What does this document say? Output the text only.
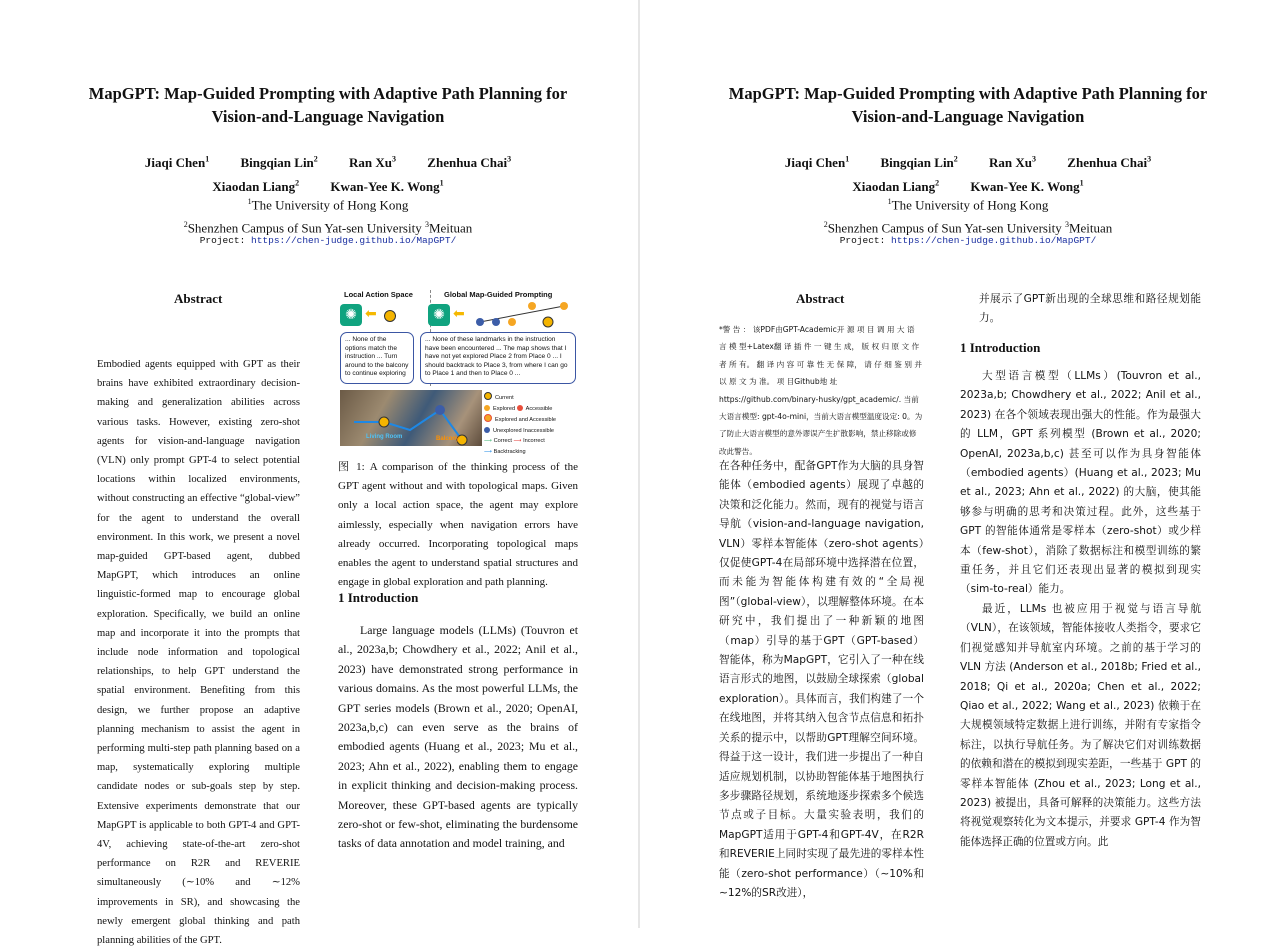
MapGPT: Map-Guided Prompting with Adaptive Path Planning for
Vision-and-Language Navigation
Jiaqi Chen$^1$ Bingqian Lin$^2$ Ran Xu$^3$ Zhenhua Chai$^3$
Xiaodan Liang$^2$ Kwan-Yee K. Wong$^1$
$^1$The University of Hong Kong
$^2$Shenzhen Campus of Sun Yat-sen University $^3$Meituan
Project: https://chen-judge.github.io/MapGPT/
Abstract
Embodied agents equipped with GPT as their brains have exhibited extraordinary decision-making and generalization abilities across various tasks. However, existing zero-shot agents for vision-and-language navigation (VLN) only prompt GPT-4 to select potential locations within localized environments, without constructing an effective “global-view” for the agent to understand the overall environment. In this work, we present a novel map-guided GPT-based agent, dubbed MapGPT, which introduces an online linguistic-formed map to encourage global exploration. Specifically, we build an online map and incorporate it into the prompts that include node information and topological relationships, to help GPT understand the spatial environment. Benefiting from this design, we further propose an adaptive planning mechanism to assist the agent in performing multi-step path planning based on a map, systematically exploring multiple candidate nodes or sub-goals step by step. Extensive experiments demonstrate that our MapGPT is applicable to both GPT-4 and GPT-4V, achieving state-of-the-art zero-shot performance on R2R and REVERIE simultaneously (∼10% and ∼12% improvements in SR), and showcasing the newly emergent global thinking and path planning abilities of the GPT.
Local Action Space	Global Map-Guided Prompting
✺ ⬅	✺ ⬅
... None of the options match the instruction ... Turn around to the balcony to continue exploring
... None of these landmarks in the instruction have been encountered ... The map shows that I have not yet explored Place 2 from Place 0 ... I should backtrack to Place 3, from where I can go to Place 1 and then to Place 0 ...
Living Room	Balcony
Current
Explored Accessible
Explored and Accessible
Unexplored Inaccessible
⟶ Correct ⟶ Incorrect
⟶ Backtracking
图 1: A comparison of the thinking process of the GPT agent without and with topological maps. Given only a local action space, the agent may explore aimlessly, especially when navigation errors have already occurred. Incorporating topological maps enables the agent to understand spatial structures and engage in global exploration and path planning.
1 Introduction
Large language models (LLMs) (Touvron et al., 2023a,b; Chowdhery et al., 2022; Anil et al., 2023) have demonstrated strong performance in various domains. As the most powerful LLMs, the GPT series models (Brown et al., 2020; OpenAI, 2023a,b,c) can even serve as the brains of embodied agents (Huang et al., 2023; Mu et al., 2023; Ahn et al., 2022), enabling them to engage in explicit thinking and decision-making process. Moreover, these GPT-based agents are typically zero-shot or few-shot, eliminating the burdensome tasks of data annotation and model training, and
MapGPT: Map-Guided Prompting with Adaptive Path Planning for
Vision-and-Language Navigation
Jiaqi Chen$^1$ Bingqian Lin$^2$ Ran Xu$^3$ Zhenhua Chai$^3$
Xiaodan Liang$^2$ Kwan-Yee K. Wong$^1$
$^1$The University of Hong Kong
$^2$Shenzhen Campus of Sun Yat-sen University $^3$Meituan
Project: https://chen-judge.github.io/MapGPT/
Abstract
*警 告 ： 该PDF由GPT-Academic开 源 项 目 调 用 大 语 言 模 型+Latex翻 译 插 件 一 键 生 成， 版 权 归 原 文 作 者 所 有。 翻 译 内 容 可 靠 性 无 保 障， 请 仔 细 鉴 别 并 以 原 文 为 准。 项 目Github地 址 https://github.com/binary-husky/gpt_academic/. 当前大语言模型: gpt-4o-mini，当前大语言模型温度设定: 0。为了防止大语言模型的意外谬误产生扩散影响，禁止移除或修改此警告。
在各种任务中，配备GPT作为大脑的具身智能体（embodied agents）展现了卓越的决策和泛化能力。然而，现有的视觉与语言导航（vision-and-language navigation, VLN）零样本智能体（zero-shot agents）仅促使GPT-4在局部环境中选择潜在位置，而未能为智能体构建有效的“全局视图”（global-view），以理解整体环境。在本研究中，我们提出了一种新颖的地图（map）引导的基于GPT（GPT-based）智能体，称为MapGPT，它引入了一种在线语言形式的地图，以鼓励全球探索（global exploration）。具体而言，我们构建了一个在线地图，并将其纳入包含节点信息和拓扑关系的提示中，以帮助GPT理解空间环境。得益于这一设计，我们进一步提出了一种自适应规划机制，以协助智能体基于地图执行多步骤路径规划，系统地逐步探索多个候选节点或子目标。大量实验表明，我们的MapGPT适用于GPT-4和GPT-4V，在R2R和REVERIE上同时实现了最先进的零样本性能（zero-shot performance）（∼10%和∼12%的SR改进），
并展示了GPT新出现的全球思维和路径规划能力。
1 Introduction
大型语言模型（LLMs）(Touvron et al., 2023a,b; Chowdhery et al., 2022; Anil et al., 2023) 在各个领域表现出强大的性能。作为最强大的 LLM，GPT 系列模型 (Brown et al., 2020; OpenAI, 2023a,b,c) 甚至可以作为具身智能体（embodied agents）(Huang et al., 2023; Mu et al., 2023; Ahn et al., 2022) 的大脑，使其能够参与明确的思考和决策过程。此外，这些基于 GPT 的智能体通常是零样本（zero-shot）或少样本（few-shot），消除了数据标注和模型训练的繁重任务，并且它们还表现出显著的模拟到现实（sim-to-real）能力。
最近，LLMs 也被应用于视觉与语言导航（VLN），在该领域，智能体接收人类指令，要求它们视觉感知并导航室内环境。之前的基于学习的 VLN 方法 (Anderson et al., 2018b; Fried et al., 2018; Qi et al., 2020a; Chen et al., 2022; Qiao et al., 2022; Wang et al., 2023) 依赖于在大规模领域特定数据上进行训练，并附有专家指令标注，以执行导航任务。为了解决它们对训练数据的依赖和潜在的模拟到现实差距，一些基于 GPT 的零样本智能体 (Zhou et al., 2023; Long et al., 2023) 被提出，具备可解释的决策能力。这些方法将视觉观察转化为文本提示，并要求 GPT-4 作为智能体选择正确的位置或方向。此
